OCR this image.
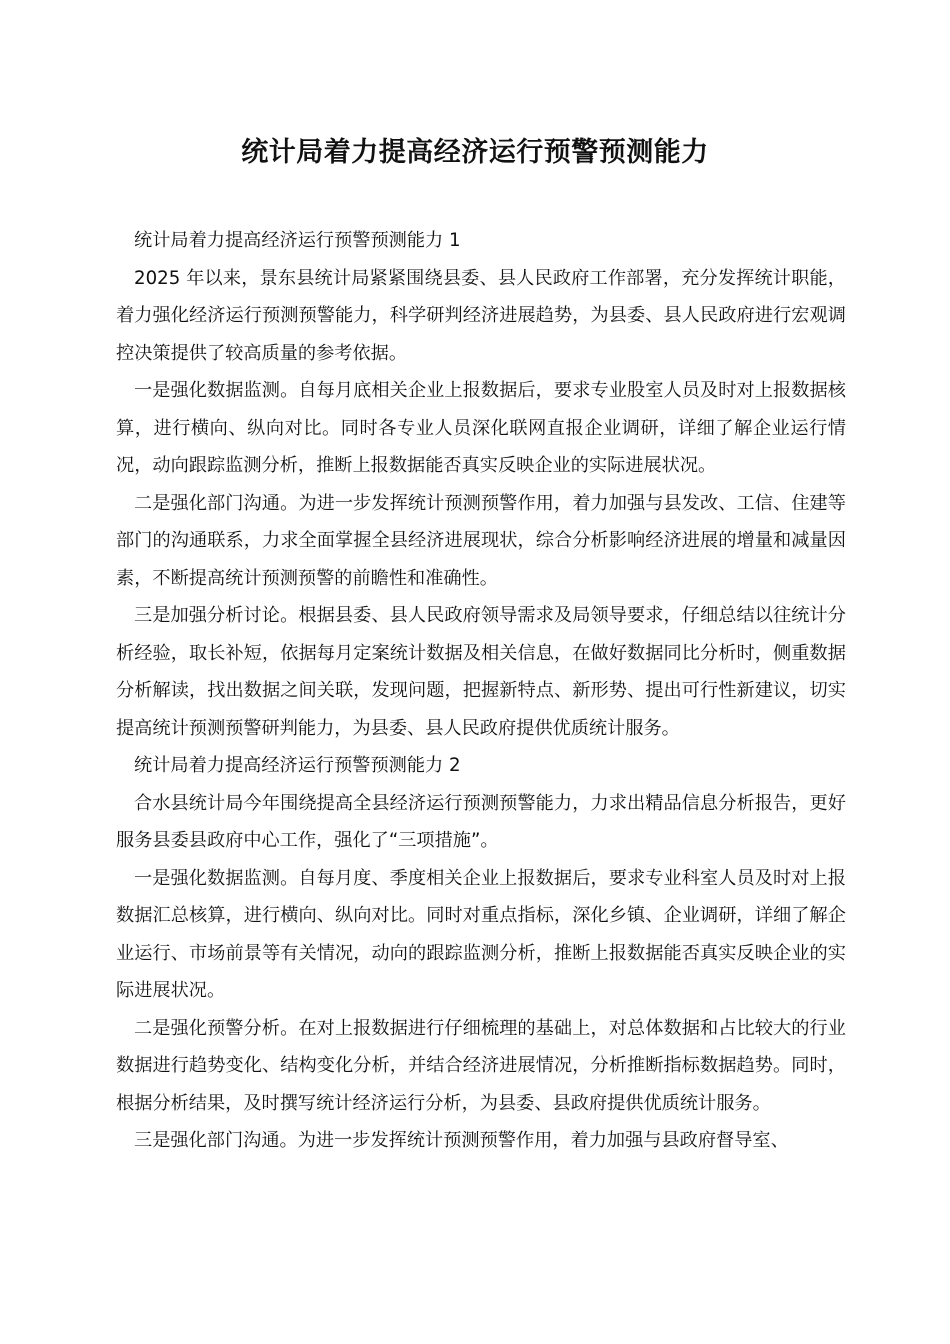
统计局着力提高经济运行预警预测能力

统计局着力提高经济运行预警预测能力 1

2025 年以来，景东县统计局紧紧围绕县委、县人民政府工作部署，充分发挥统计职能，着力强化经济运行预测预警能力，科学研判经济进展趋势，为县委、县人民政府进行宏观调控决策提供了较高质量的参考依据。

一是强化数据监测。自每月底相关企业上报数据后，要求专业股室人员及时对上报数据核算，进行横向、纵向对比。同时各专业人员深化联网直报企业调研，详细了解企业运行情况，动向跟踪监测分析，推断上报数据能否真实反映企业的实际进展状况。

二是强化部门沟通。为进一步发挥统计预测预警作用，着力加强与县发改、工信、住建等部门的沟通联系，力求全面掌握全县经济进展现状，综合分析影响经济进展的增量和减量因素，不断提高统计预测预警的前瞻性和准确性。

三是加强分析讨论。根据县委、县人民政府领导需求及局领导要求，仔细总结以往统计分析经验，取长补短，依据每月定案统计数据及相关信息，在做好数据同比分析时，侧重数据分析解读，找出数据之间关联，发现问题，把握新特点、新形势、提出可行性新建议，切实提高统计预测预警研判能力，为县委、县人民政府提供优质统计服务。

统计局着力提高经济运行预警预测能力 2

合水县统计局今年围绕提高全县经济运行预测预警能力，力求出精品信息分析报告，更好服务县委县政府中心工作，强化了“三项措施”。

一是强化数据监测。自每月度、季度相关企业上报数据后，要求专业科室人员及时对上报数据汇总核算，进行横向、纵向对比。同时对重点指标，深化乡镇、企业调研，详细了解企业运行、市场前景等有关情况，动向的跟踪监测分析，推断上报数据能否真实反映企业的实际进展状况。

二是强化预警分析。在对上报数据进行仔细梳理的基础上，对总体数据和占比较大的行业数据进行趋势变化、结构变化分析，并结合经济进展情况，分析推断指标数据趋势。同时，根据分析结果，及时撰写统计经济运行分析，为县委、县政府提供优质统计服务。

三是强化部门沟通。为进一步发挥统计预测预警作用，着力加强与县政府督导室、
